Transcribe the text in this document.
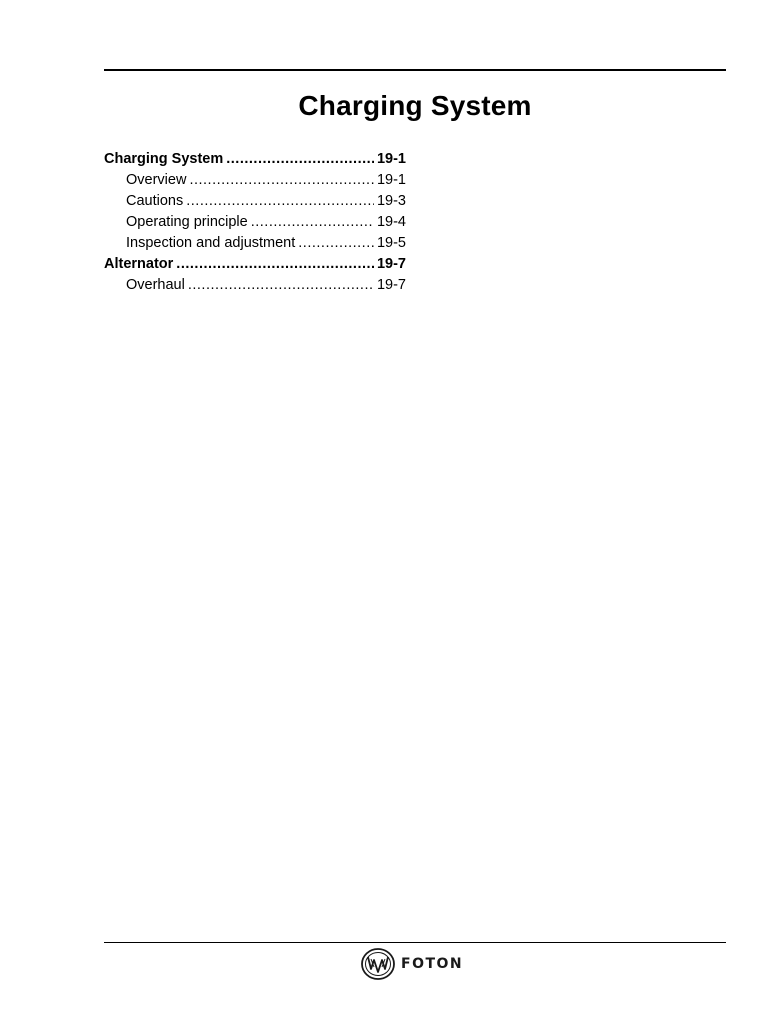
Charging System
Charging System .....	19-1
Overview .....	19-1
Cautions .....	19-3
Operating principle .....	19-4
Inspection and adjustment .....	19-5
Alternator .....	19-7
Overhaul .....	19-7
FOTON
